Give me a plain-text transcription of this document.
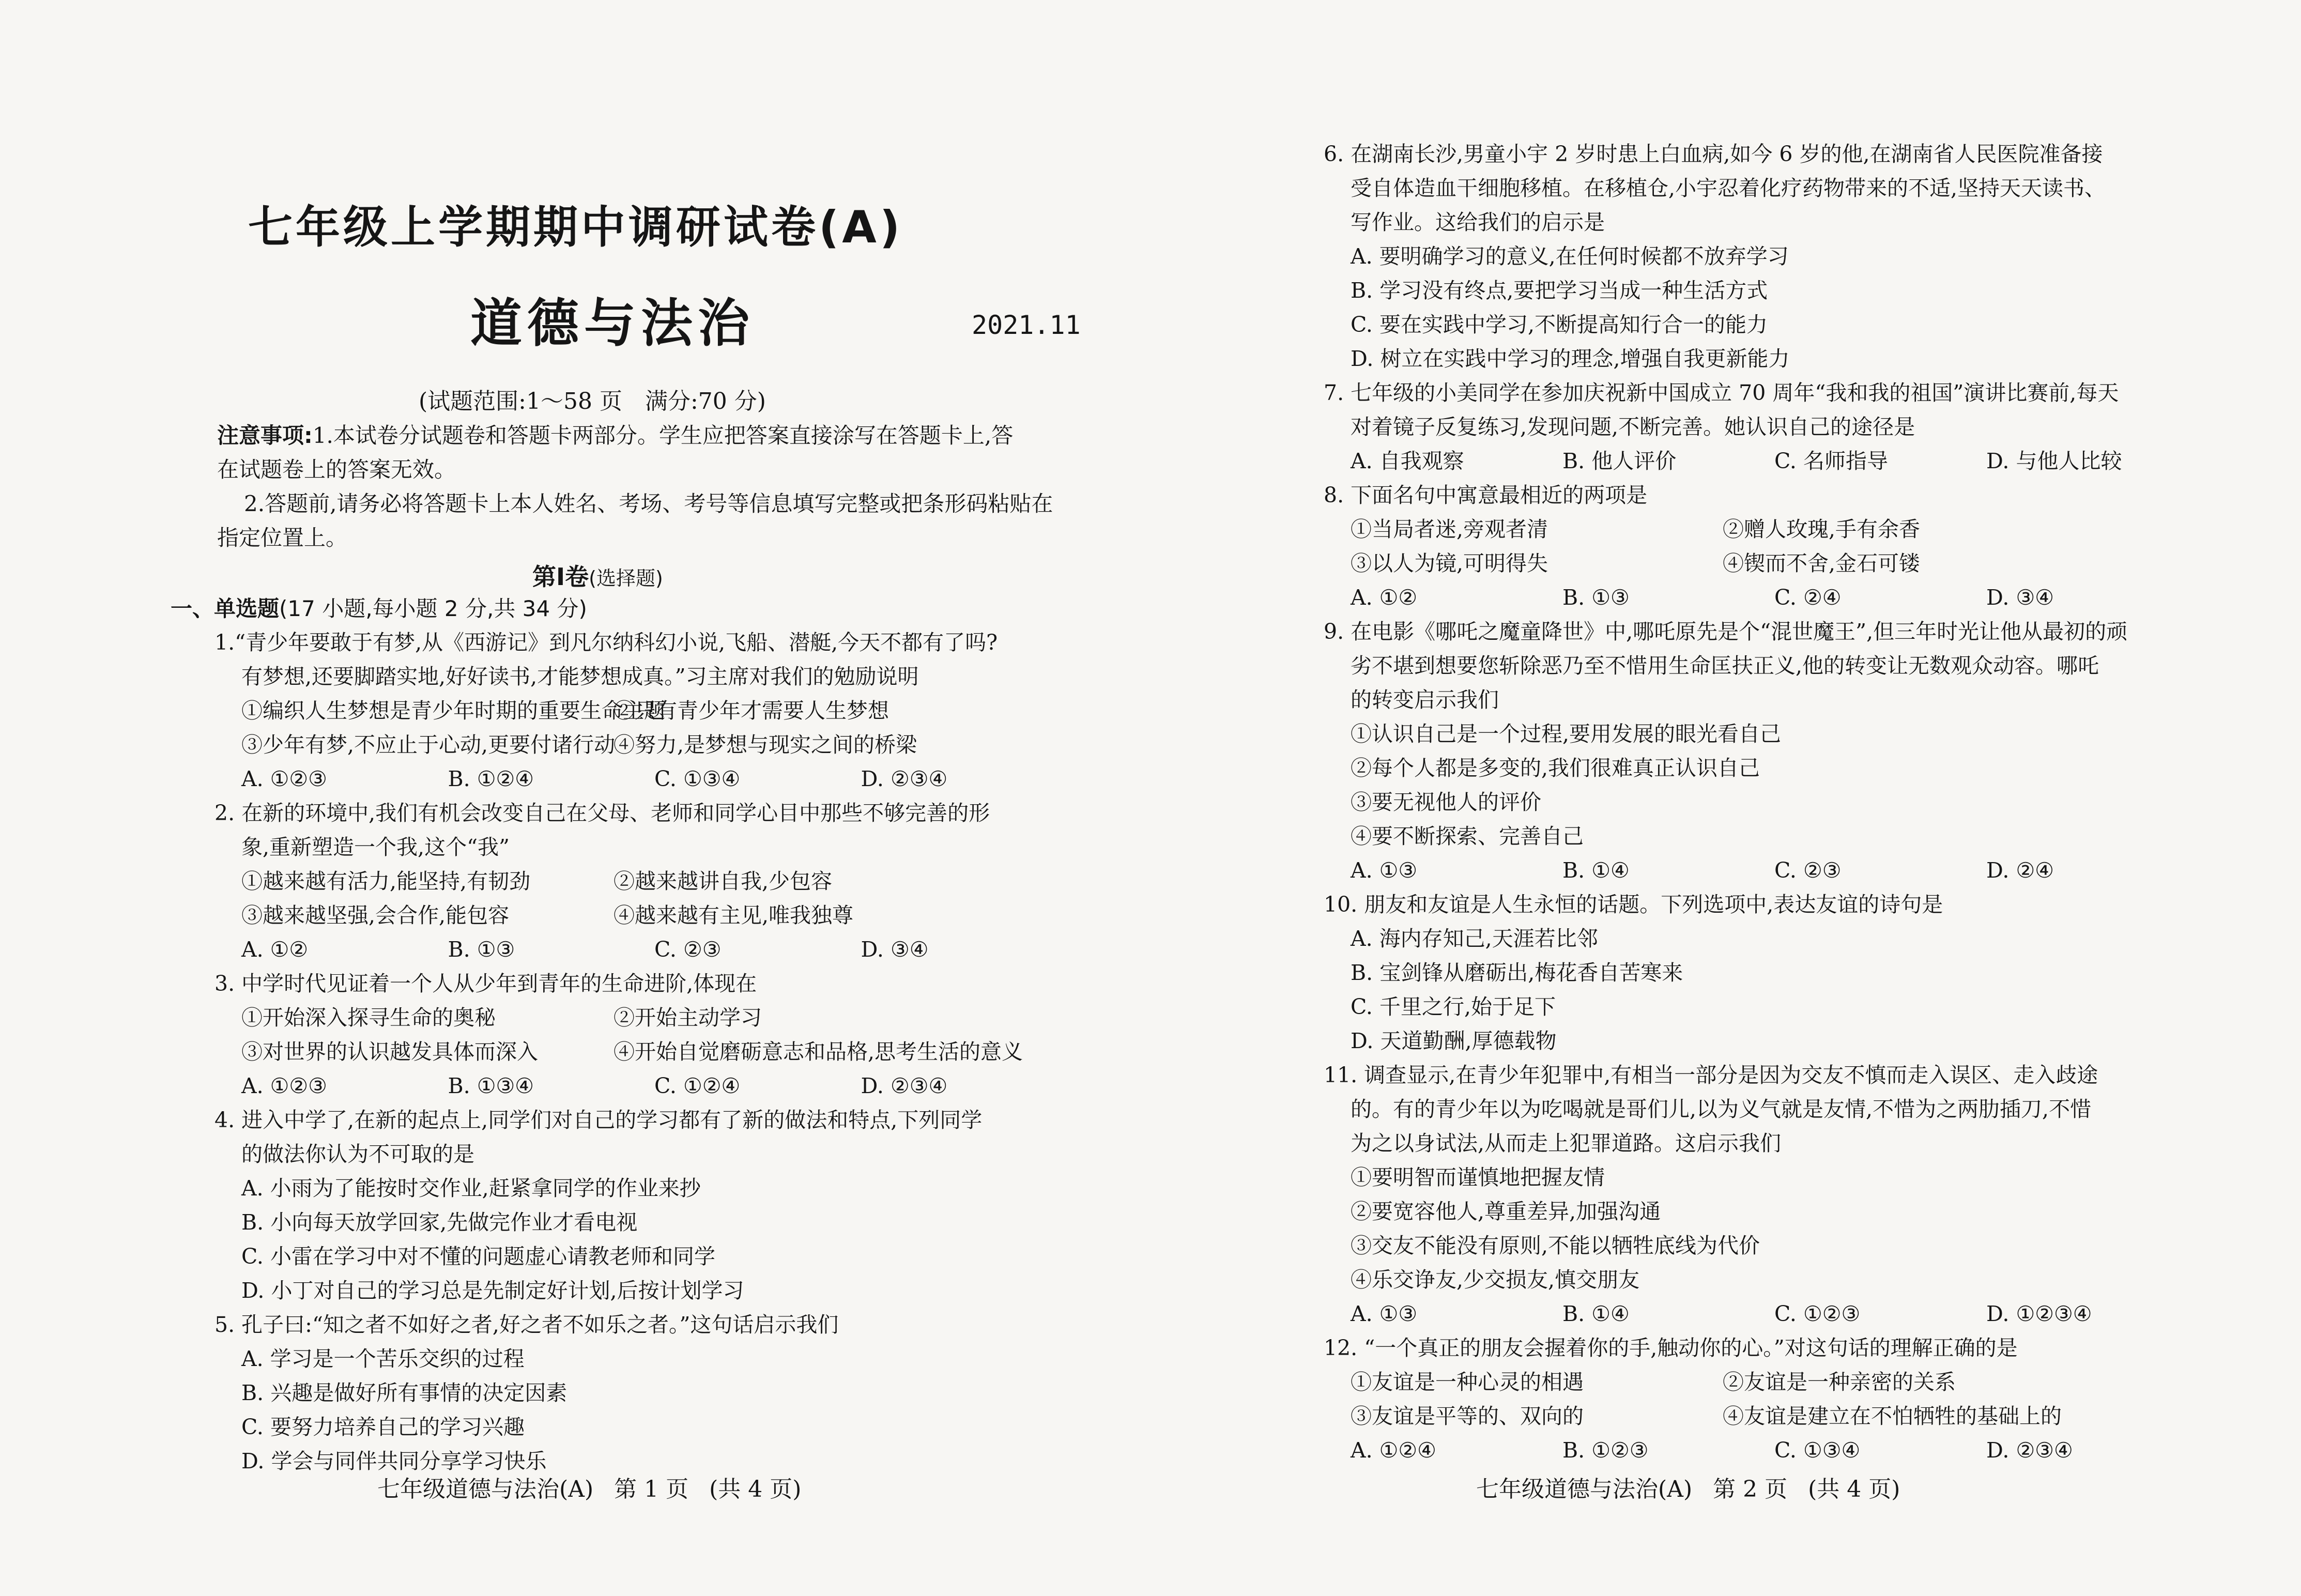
七年级上学期期中调研试卷(A)
道德与法治	2021.11
(试题范围:1～58 页　满分:70 分)

注意事项:1.本试卷分试题卷和答题卡两部分。学生应把答案直接涂写在答题卡上,答

在试题卷上的答案无效。

2.答题前,请务必将答题卡上本人姓名、考场、考号等信息填写完整或把条形码粘贴在

指定位置上。

第Ⅰ卷(选择题)
一、单选题(17 小题,每小题 2 分,共 34 分)
1.“青少年要敢于有梦,从《西游记》到凡尔纳科幻小说,飞船、潜艇,今天不都有了吗?
有梦想,还要脚踏实地,好好读书,才能梦想成真。”习主席对我们的勉励说明
①编织人生梦想是青少年时期的重要生命主题
②只有青少年才需要人生梦想
③少年有梦,不应止于心动,更要付诸行动
④努力,是梦想与现实之间的桥梁
A. ①②③	B. ①②④	C. ①③④	D. ②③④
2. 在新的环境中,我们有机会改变自己在父母、老师和同学心目中那些不够完善的形
象,重新塑造一个我,这个“我”
①越来越有活力,能坚持,有韧劲	②越来越讲自我,少包容
③越来越坚强,会合作,能包容	④越来越有主见,唯我独尊
A. ①②	B. ①③	C. ②③	D. ③④
3. 中学时代见证着一个人从少年到青年的生命进阶,体现在
①开始深入探寻生命的奥秘	②开始主动学习
③对世界的认识越发具体而深入	④开始自觉磨砺意志和品格,思考生活的意义
A. ①②③	B. ①③④	C. ①②④	D. ②③④
4. 进入中学了,在新的起点上,同学们对自己的学习都有了新的做法和特点,下列同学
的做法你认为不可取的是
A. 小雨为了能按时交作业,赶紧拿同学的作业来抄
B. 小向每天放学回家,先做完作业才看电视
C. 小雷在学习中对不懂的问题虚心请教老师和同学
D. 小丁对自己的学习总是先制定好计划,后按计划学习
5. 孔子曰:“知之者不如好之者,好之者不如乐之者。”这句话启示我们
A. 学习是一个苦乐交织的过程
B. 兴趣是做好所有事情的决定因素
C. 要努力培养自己的学习兴趣
D. 学会与同伴共同分享学习快乐
七年级道德与法治(A) 第 1 页 (共 4 页)
6. 在湖南长沙,男童小宇 2 岁时患上白血病,如今 6 岁的他,在湖南省人民医院准备接
受自体造血干细胞移植。在移植仓,小宇忍着化疗药物带来的不适,坚持天天读书、
写作业。这给我们的启示是
A. 要明确学习的意义,在任何时候都不放弃学习
B. 学习没有终点,要把学习当成一种生活方式
C. 要在实践中学习,不断提高知行合一的能力
D. 树立在实践中学习的理念,增强自我更新能力
7. 七年级的小美同学在参加庆祝新中国成立 70 周年“我和我的祖国”演讲比赛前,每天
对着镜子反复练习,发现问题,不断完善。她认识自己的途径是
A. 自我观察	B. 他人评价	C. 名师指导	D. 与他人比较
8. 下面名句中寓意最相近的两项是
①当局者迷,旁观者清	②赠人玫瑰,手有余香
③以人为镜,可明得失	④锲而不舍,金石可镂
A. ①②	B. ①③	C. ②④	D. ③④
9. 在电影《哪吒之魔童降世》中,哪吒原先是个“混世魔王”,但三年时光让他从最初的顽
劣不堪到想要您斩除恶乃至不惜用生命匡扶正义,他的转变让无数观众动容。哪吒
的转变启示我们
①认识自己是一个过程,要用发展的眼光看自己
②每个人都是多变的,我们很难真正认识自己
③要无视他人的评价
④要不断探索、完善自己
A. ①③	B. ①④	C. ②③	D. ②④
10. 朋友和友谊是人生永恒的话题。下列选项中,表达友谊的诗句是
A. 海内存知己,天涯若比邻
B. 宝剑锋从磨砺出,梅花香自苦寒来
C. 千里之行,始于足下
D. 天道勤酬,厚德载物
11. 调查显示,在青少年犯罪中,有相当一部分是因为交友不慎而走入误区、走入歧途
的。有的青少年以为吃喝就是哥们儿,以为义气就是友情,不惜为之两肋插刀,不惜
为之以身试法,从而走上犯罪道路。这启示我们
①要明智而谨慎地把握友情
②要宽容他人,尊重差异,加强沟通
③交友不能没有原则,不能以牺牲底线为代价
④乐交诤友,少交损友,慎交朋友
A. ①③	B. ①④	C. ①②③	D. ①②③④
12. “一个真正的朋友会握着你的手,触动你的心。”对这句话的理解正确的是
①友谊是一种心灵的相遇	②友谊是一种亲密的关系
③友谊是平等的、双向的	④友谊是建立在不怕牺牲的基础上的
A. ①②④	B. ①②③	C. ①③④	D. ②③④
七年级道德与法治(A) 第 2 页 (共 4 页)
